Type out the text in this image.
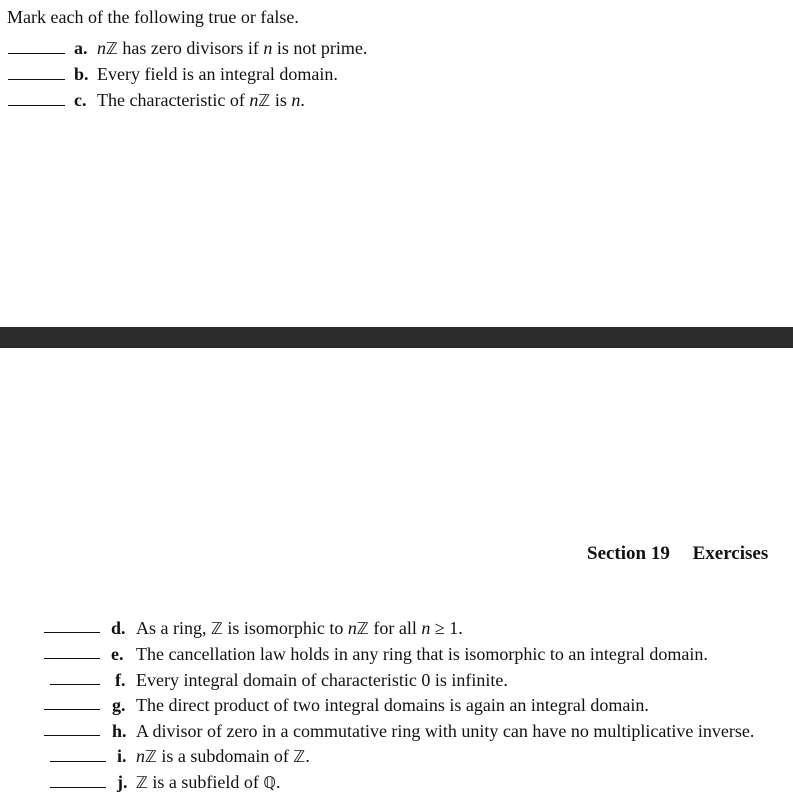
Mark each of the following true or false.
a. nℤ has zero divisors if n is not prime.
b. Every field is an integral domain.
c. The characteristic of nℤ is n.
Section 19 Exercises
d. As a ring, ℤ is isomorphic to nℤ for all n ≥ 1.
e. The cancellation law holds in any ring that is isomorphic to an integral domain.
f. Every integral domain of characteristic 0 is infinite.
g. The direct product of two integral domains is again an integral domain.
h. A divisor of zero in a commutative ring with unity can have no multiplicative inverse.
i. nℤ is a subdomain of ℤ.
j. ℤ is a subfield of ℚ.
